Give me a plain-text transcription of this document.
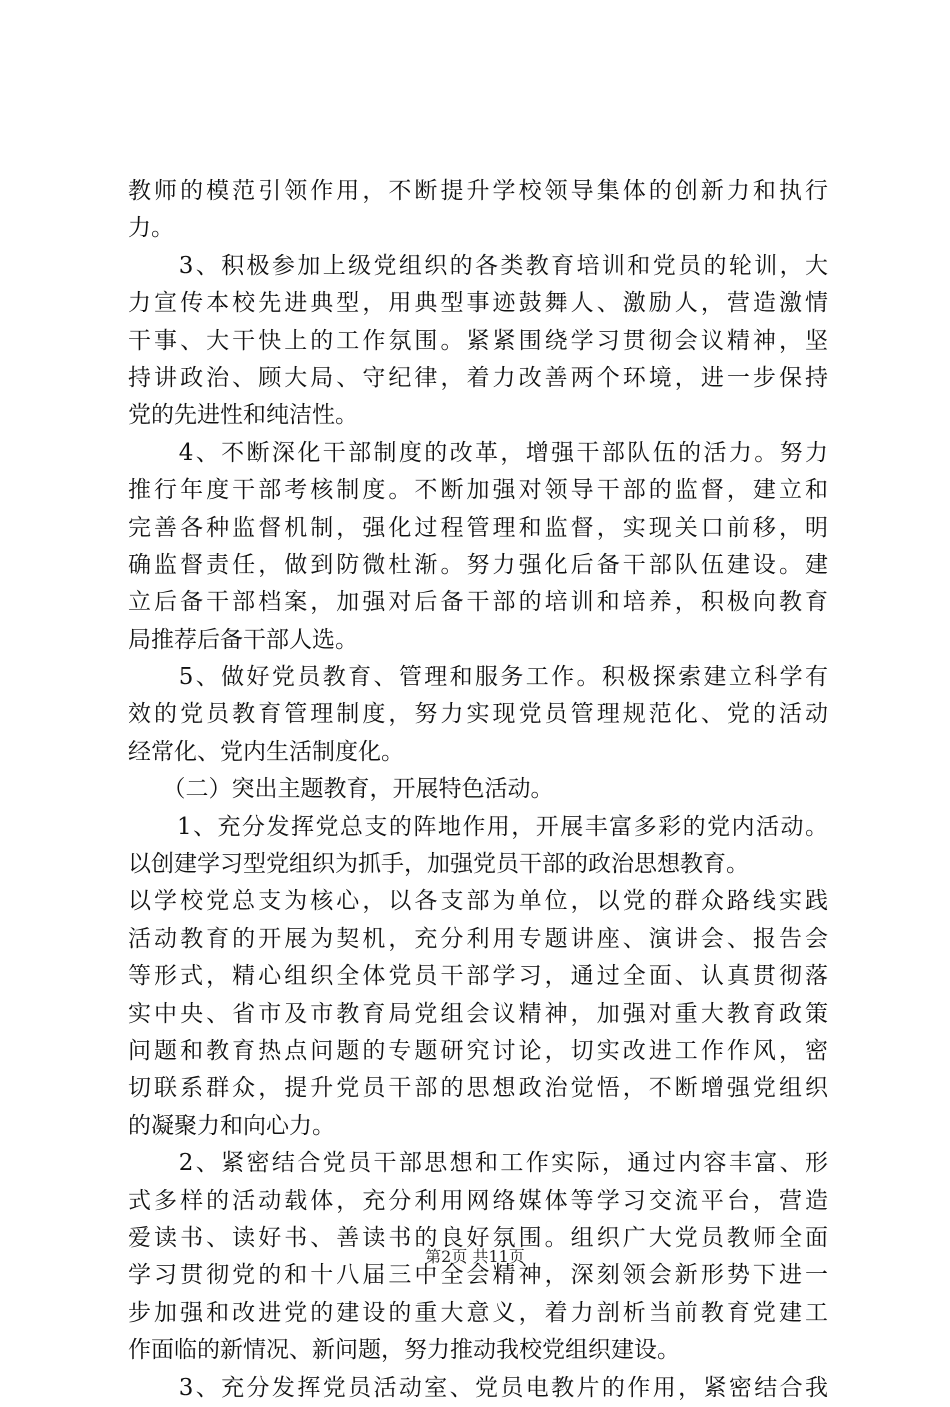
教师的模范引领作用，不断提升学校领导集体的创新力和执行
力。
　　3、积极参加上级党组织的各类教育培训和党员的轮训，大
力宣传本校先进典型，用典型事迹鼓舞人、激励人，营造激情
干事、大干快上的工作氛围。紧紧围绕学习贯彻会议精神，坚
持讲政治、顾大局、守纪律，着力改善两个环境，进一步保持
党的先进性和纯洁性。
　　4、不断深化干部制度的改革，增强干部队伍的活力。努力
推行年度干部考核制度。不断加强对领导干部的监督，建立和
完善各种监督机制，强化过程管理和监督，实现关口前移，明
确监督责任，做到防微杜渐。努力强化后备干部队伍建设。建
立后备干部档案，加强对后备干部的培训和培养，积极向教育
局推荐后备干部人选。
　　5、做好党员教育、管理和服务工作。积极探索建立科学有
效的党员教育管理制度，努力实现党员管理规范化、党的活动
经常化、党内生活制度化。
　　（二）突出主题教育，开展特色活动。
　　1、充分发挥党总支的阵地作用，开展丰富多彩的党内活动。
以创建学习型党组织为抓手，加强党员干部的政治思想教育。
以学校党总支为核心，以各支部为单位，以党的群众路线实践
活动教育的开展为契机，充分利用专题讲座、演讲会、报告会
等形式，精心组织全体党员干部学习，通过全面、认真贯彻落
实中央、省市及市教育局党组会议精神，加强对重大教育政策
问题和教育热点问题的专题研究讨论，切实改进工作作风，密
切联系群众，提升党员干部的思想政治觉悟，不断增强党组织
的凝聚力和向心力。
　　2、紧密结合党员干部思想和工作实际，通过内容丰富、形
式多样的活动载体，充分利用网络媒体等学习交流平台，营造
爱读书、读好书、善读书的良好氛围。组织广大党员教师全面
学习贯彻党的和十八届三中全会精神，深刻领会新形势下进一
步加强和改进党的建设的重大意义，着力剖析当前教育党建工
作面临的新情况、新问题，努力推动我校党组织建设。
　　3、充分发挥党员活动室、党员电教片的作用，紧密结合我
第2页 共11页
